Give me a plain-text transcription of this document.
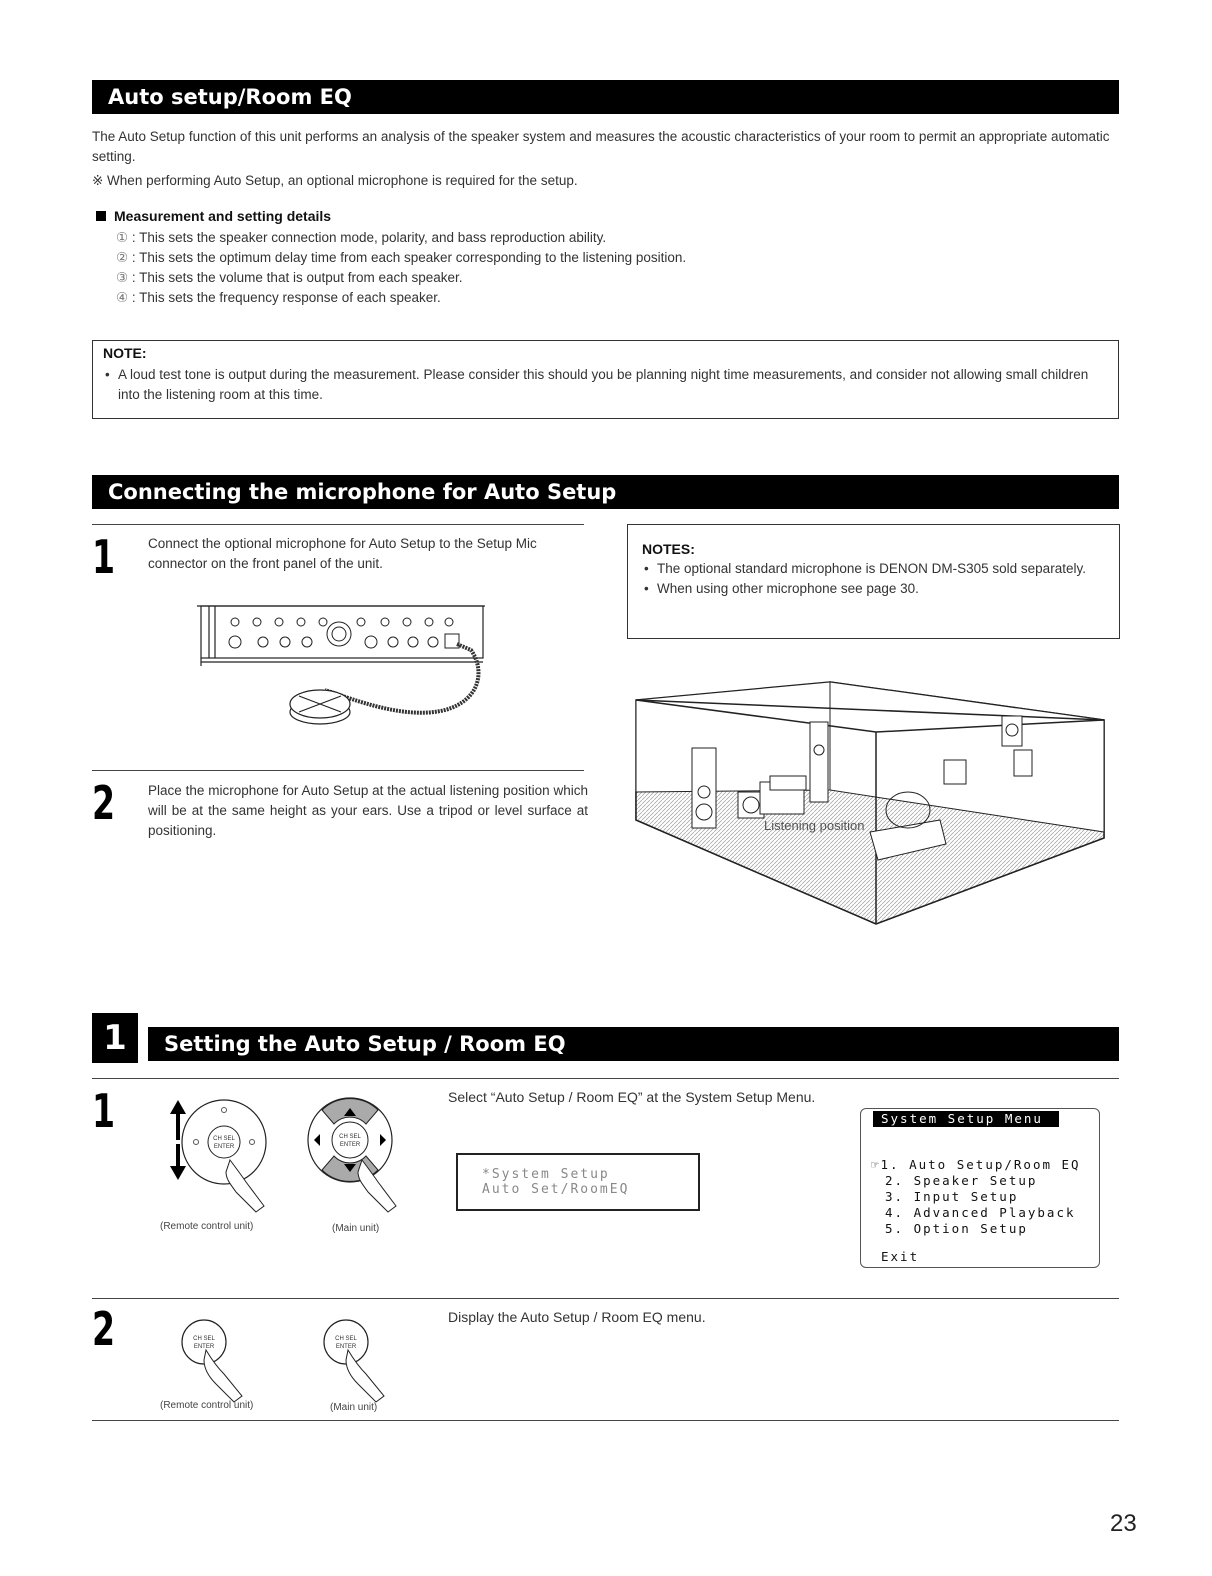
Auto setup/Room EQ
The Auto Setup function of this unit performs an analysis of the speaker system and measures the acoustic characteristics of your room to permit an appropriate automatic setting.
※ When performing Auto Setup, an optional microphone is required for the setup.
Measurement and setting details
① : This sets the speaker connection mode, polarity, and bass reproduction ability.
② : This sets the optimum delay time from each speaker corresponding to the listening position.
③ : This sets the volume that is output from each speaker.
④ : This sets the frequency response of each speaker.
NOTE:
• A loud test tone is output during the measurement. Please consider this should you be planning night time measurements, and consider not allowing small children into the listening room at this time.
Connecting the microphone for Auto Setup
1 Connect the optional microphone for Auto Setup to the Setup Mic connector on the front panel of the unit.
2 Place the microphone for Auto Setup at the actual listening position which will be at the same height as your ears. Use a tripod or level surface at positioning.
NOTES:
• The optional standard microphone is DENON DM-S305 sold separately.
• When using other microphone see page 30.
Listening position
1	Setting the Auto Setup / Room EQ
1
CH SEL
ENTER
(Remote control unit)
CH SEL
ENTER
(Main unit)
Select “Auto Setup / Room EQ” at the System Setup Menu.
*System Setup
Auto Set/RoomEQ
System Setup Menu
☞1. Auto Setup/Room EQ
2. Speaker Setup
3. Input Setup
4. Advanced Playback
5. Option Setup
Exit
2	CH SEL
ENTER
(Remote control unit)
CH SEL
ENTER
(Main unit)
Display the Auto Setup / Room EQ menu.
23
